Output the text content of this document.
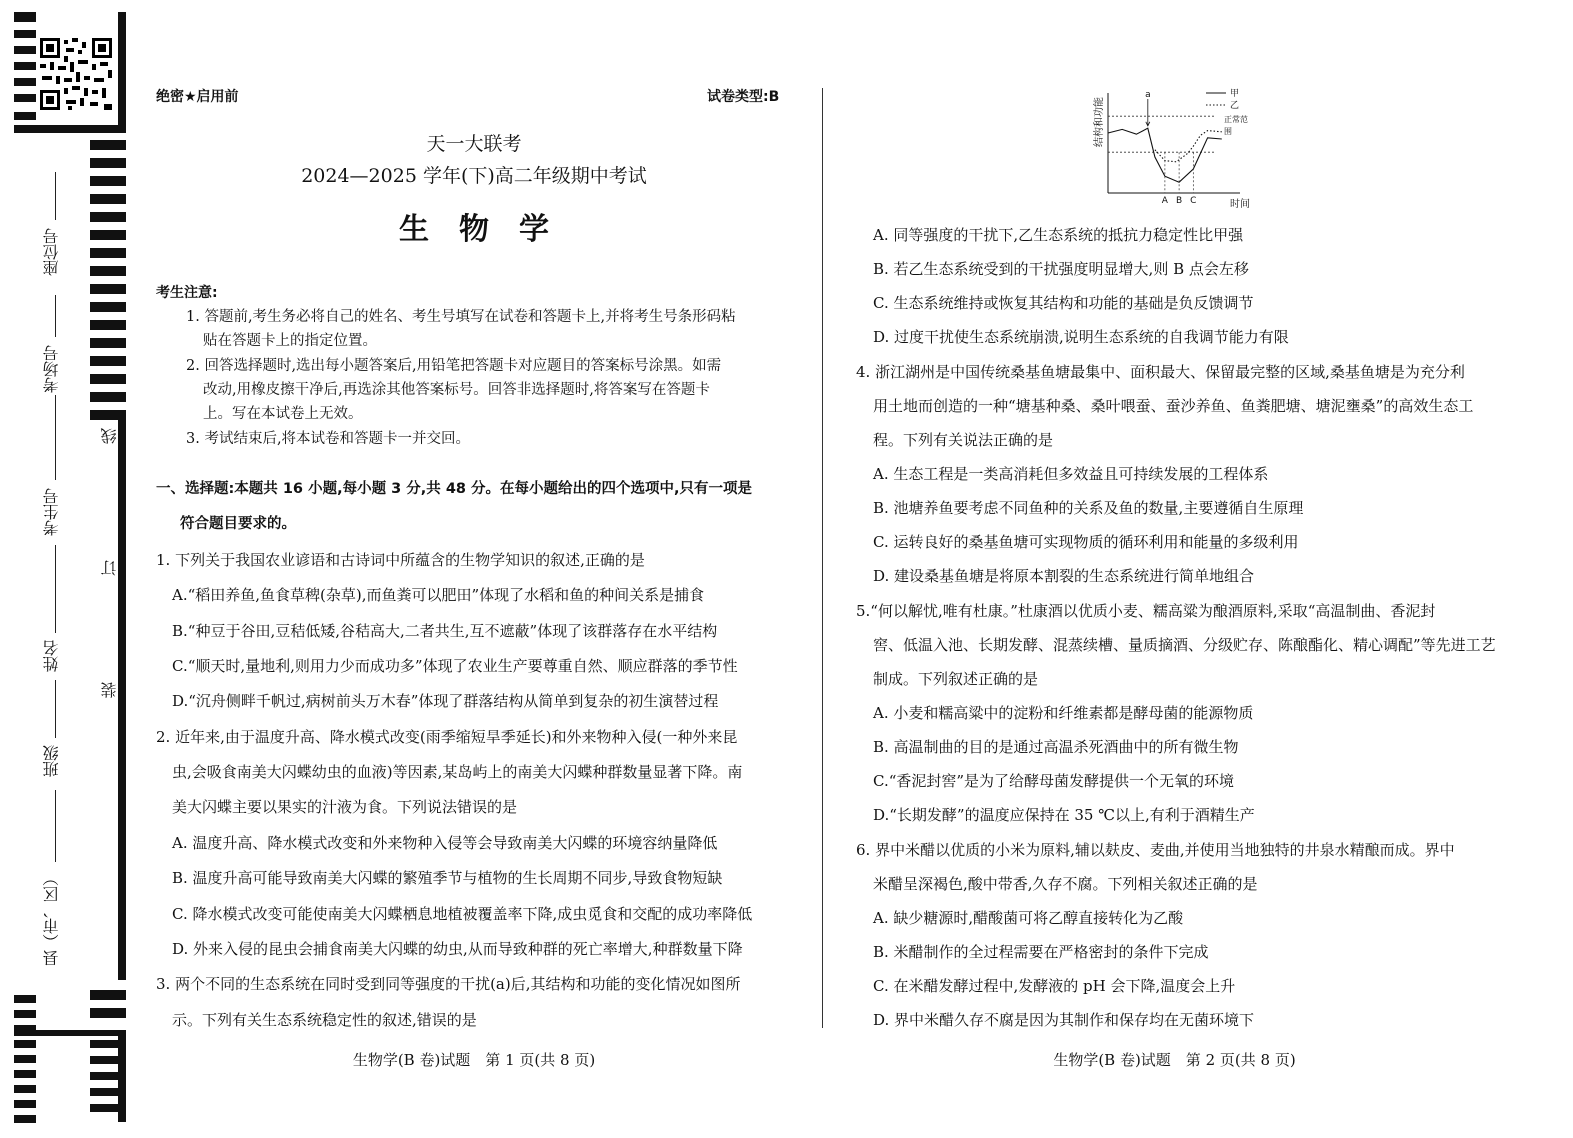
座位号
考场号
考生号
姓名
班级
县（市、区）
线
订
装
绝密★启用前	试卷类型:B
天一大联考
2024—2025 学年(下)高二年级期中考试
生　物　学
考生注意:
1. 答题前,考生务必将自己的姓名、考生号填写在试卷和答题卡上,并将考生号条形码粘
贴在答题卡上的指定位置。
2. 回答选择题时,选出每小题答案后,用铅笔把答题卡对应题目的答案标号涂黑。如需
改动,用橡皮擦干净后,再选涂其他答案标号。回答非选择题时,将答案写在答题卡
上。写在本试卷上无效。
3. 考试结束后,将本试卷和答题卡一并交回。
一、选择题:本题共 16 小题,每小题 3 分,共 48 分。在每小题给出的四个选项中,只有一项是
符合题目要求的。
1. 下列关于我国农业谚语和古诗词中所蕴含的生物学知识的叙述,正确的是
A.“稻田养鱼,鱼食草稗(杂草),而鱼粪可以肥田”体现了水稻和鱼的种间关系是捕食
B.“种豆于谷田,豆秸低矮,谷秸高大,二者共生,互不遮蔽”体现了该群落存在水平结构
C.“顺天时,量地利,则用力少而成功多”体现了农业生产要尊重自然、顺应群落的季节性
D.“沉舟侧畔千帆过,病树前头万木春”体现了群落结构从简单到复杂的初生演替过程
2. 近年来,由于温度升高、降水模式改变(雨季缩短旱季延长)和外来物种入侵(一种外来昆
虫,会吸食南美大闪蝶幼虫的血液)等因素,某岛屿上的南美大闪蝶种群数量显著下降。南
美大闪蝶主要以果实的汁液为食。下列说法错误的是
A. 温度升高、降水模式改变和外来物种入侵等会导致南美大闪蝶的环境容纳量降低
B. 温度升高可能导致南美大闪蝶的繁殖季节与植物的生长周期不同步,导致食物短缺
C. 降水模式改变可能使南美大闪蝶栖息地植被覆盖率下降,成虫觅食和交配的成功率降低
D. 外来入侵的昆虫会捕食南美大闪蝶的幼虫,从而导致种群的死亡率增大,种群数量下降
3. 两个不同的生态系统在同时受到同等强度的干扰(a)后,其结构和功能的变化情况如图所
示。下列有关生态系统稳定性的叙述,错误的是
生物学(B 卷)试题　第 1 页(共 8 页)
a
A B C	时间
结构和功能	正常范
围
甲
乙
A. 同等强度的干扰下,乙生态系统的抵抗力稳定性比甲强
B. 若乙生态系统受到的干扰强度明显增大,则 B 点会左移
C. 生态系统维持或恢复其结构和功能的基础是负反馈调节
D. 过度干扰使生态系统崩溃,说明生态系统的自我调节能力有限
4. 浙江湖州是中国传统桑基鱼塘最集中、面积最大、保留最完整的区域,桑基鱼塘是为充分利
用土地而创造的一种“塘基种桑、桑叶喂蚕、蚕沙养鱼、鱼粪肥塘、塘泥壅桑”的高效生态工
程。下列有关说法正确的是
A. 生态工程是一类高消耗但多效益且可持续发展的工程体系
B. 池塘养鱼要考虑不同鱼种的关系及鱼的数量,主要遵循自生原理
C. 运转良好的桑基鱼塘可实现物质的循环利用和能量的多级利用
D. 建设桑基鱼塘是将原本割裂的生态系统进行简单地组合
5.“何以解忧,唯有杜康。”杜康酒以优质小麦、糯高粱为酿酒原料,采取“高温制曲、香泥封
窖、低温入池、长期发酵、混蒸续槽、量质摘酒、分级贮存、陈酿酯化、精心调配”等先进工艺
制成。下列叙述正确的是
A. 小麦和糯高粱中的淀粉和纤维素都是酵母菌的能源物质
B. 高温制曲的目的是通过高温杀死酒曲中的所有微生物
C.“香泥封窖”是为了给酵母菌发酵提供一个无氧的环境
D.“长期发酵”的温度应保持在 35 ℃以上,有利于酒精生产
6. 界中米醋以优质的小米为原料,辅以麸皮、麦曲,并使用当地独特的井泉水精酿而成。界中
米醋呈深褐色,酸中带香,久存不腐。下列相关叙述正确的是
A. 缺少糖源时,醋酸菌可将乙醇直接转化为乙酸
B. 米醋制作的全过程需要在严格密封的条件下完成
C. 在米醋发酵过程中,发酵液的 pH 会下降,温度会上升
D. 界中米醋久存不腐是因为其制作和保存均在无菌环境下
生物学(B 卷)试题　第 2 页(共 8 页)
